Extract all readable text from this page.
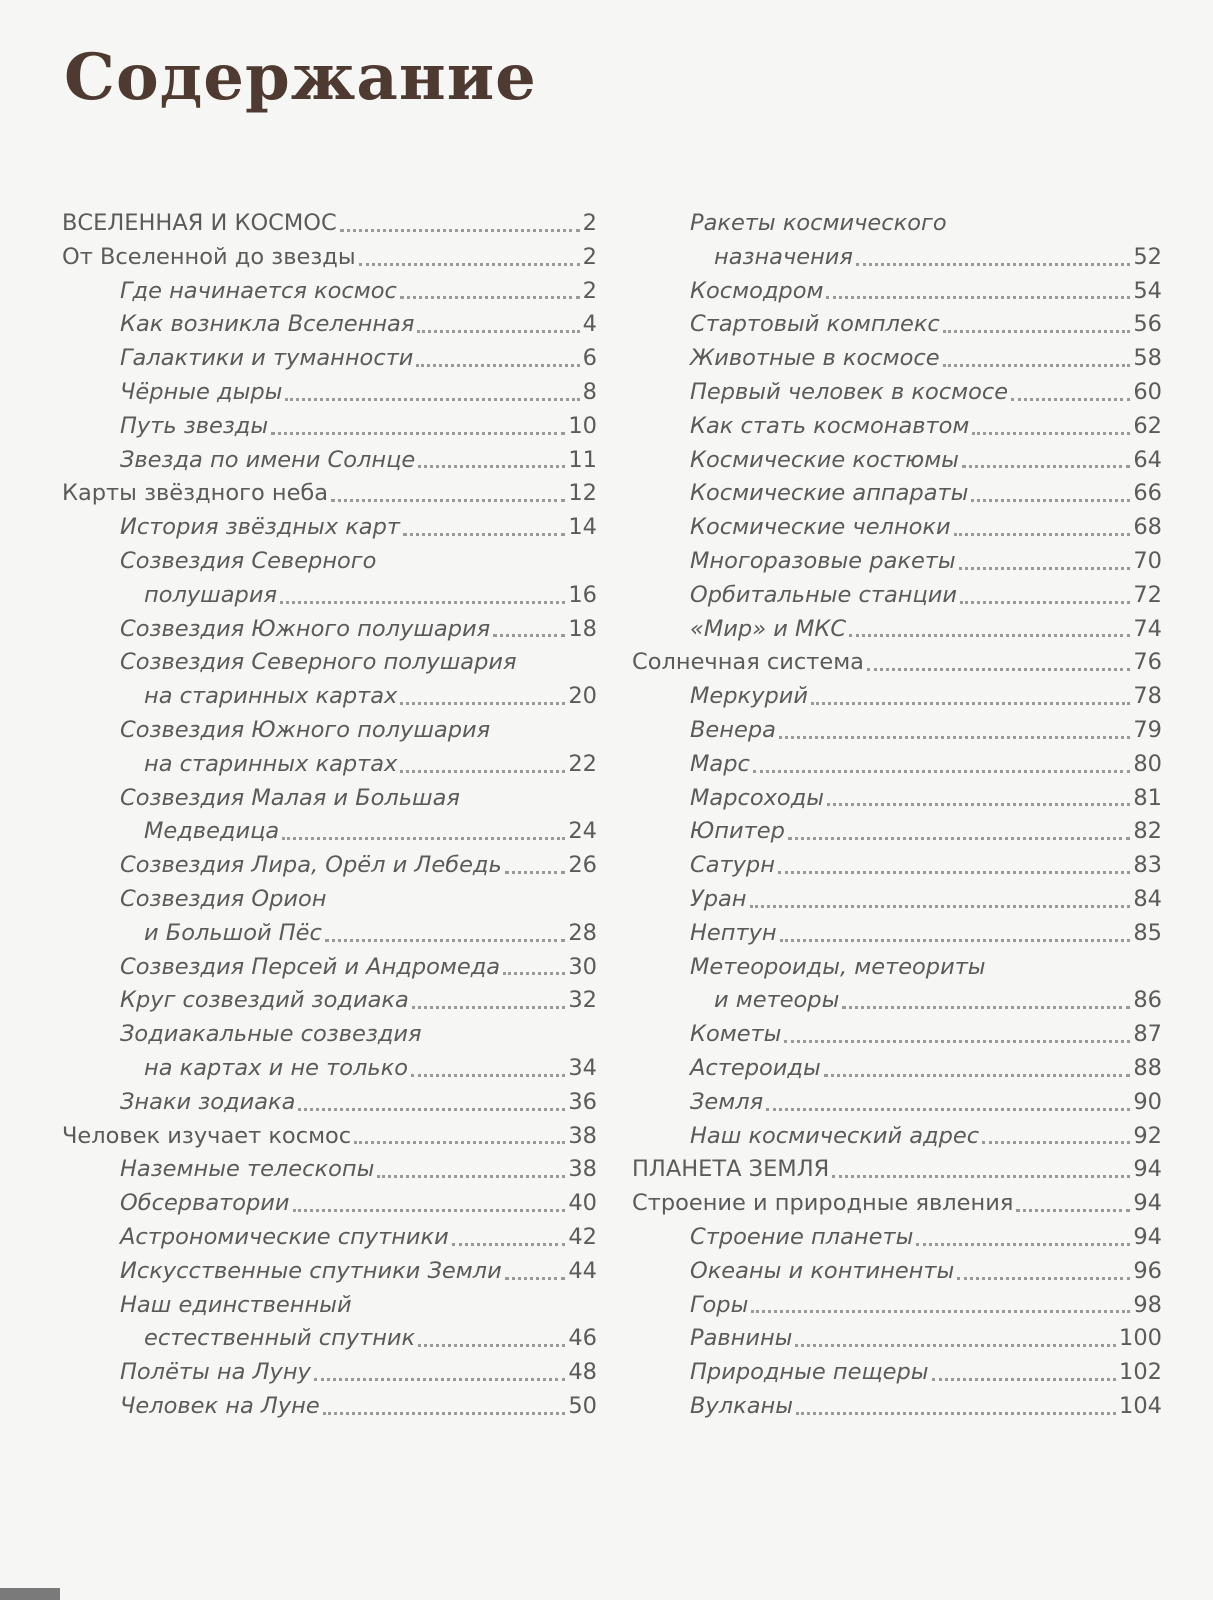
Содержание
ВСЕЛЕННАЯ И КОСМОС	2
От Вселенной до звезды	2
Где начинается космос	2
Как возникла Вселенная	4
Галактики и туманности	6
Чёрные дыры	8
Путь звезды	10
Звезда по имени Солнце	11
Карты звёздного неба	12
История звёздных карт	14
Созвездия Северного
полушария	16
Созвездия Южного полушария	18
Созвездия Северного полушария
на старинных картах	20
Созвездия Южного полушария
на старинных картах	22
Созвездия Малая и Большая
Медведица	24
Созвездия Лира, Орёл и Лебедь	26
Созвездия Орион
и Большой Пёс	28
Созвездия Персей и Андромеда	30
Круг созвездий зодиака	32
Зодиакальные созвездия
на картах и не только	34
Знаки зодиака	36
Человек изучает космос	38
Наземные телескопы	38
Обсерватории	40
Астрономические спутники	42
Искусственные спутники Земли	44
Наш единственный
естественный спутник	46
Полёты на Луну	48
Человек на Луне	50
Ракеты космического
назначения	52
Космодром	54
Стартовый комплекс	56
Животные в космосе	58
Первый человек в космосе	60
Как стать космонавтом	62
Космические костюмы	64
Космические аппараты	66
Космические челноки	68
Многоразовые ракеты	70
Орбитальные станции	72
«Мир» и МКС	74
Солнечная система	76
Меркурий	78
Венера	79
Марс	80
Марсоходы	81
Юпитер	82
Сатурн	83
Уран	84
Нептун	85
Метеороиды, метеориты
и метеоры	86
Кометы	87
Астероиды	88
Земля	90
Наш космический адрес	92
ПЛАНЕТА ЗЕМЛЯ	94
Строение и природные явления	94
Строение планеты	94
Океаны и континенты	96
Горы	98
Равнины	100
Природные пещеры	102
Вулканы	104
